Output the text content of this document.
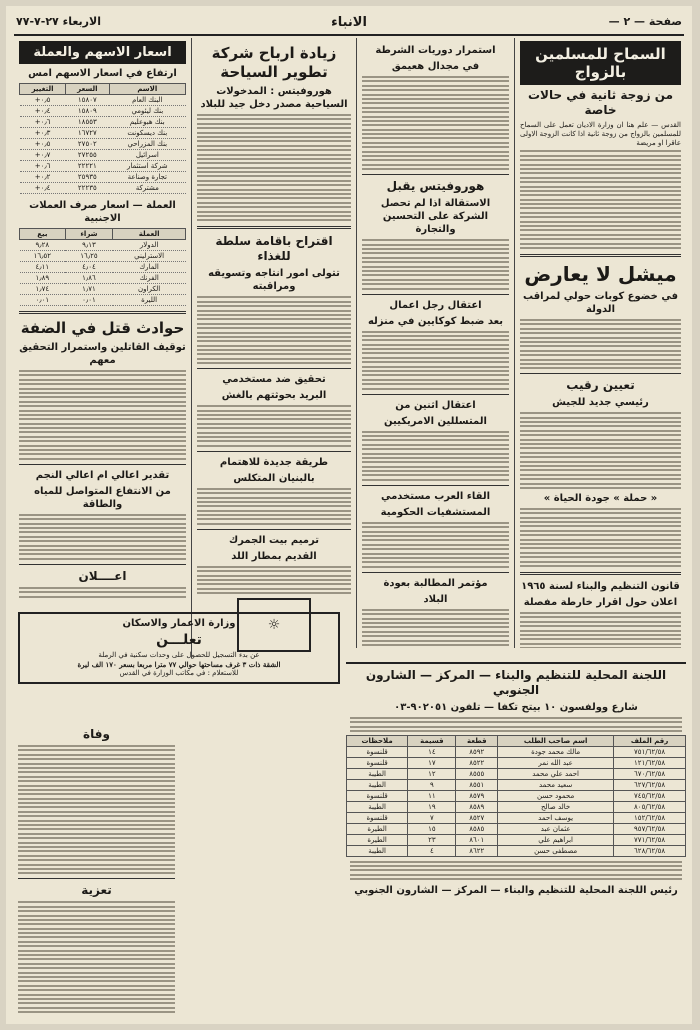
صفحة — ٢ —
الانباء
الاربعاء ٢٧-٧-٧٧
السماح للمسلمين بالزواج
من زوجة ثانية في حالات خاصة
القدس — علم هنا ان وزارة الاديان تعمل على السماح للمسلمين بالزواج من زوجة ثانية اذا كانت الزوجة الاولى عاقرا او مريضة
ميشل لا يعارض
في خضوع كوبات حولي لمراقب الدولة
تعيين رقيب
رئيسي جديد للجيش
« حملة » جودة الحياة »
قانون التنظيم والبناء لسنة ١٩٦٥
اعلان حول اقرار خارطة مفصلة
استمرار دوريات الشرطة
في مجدال هعيمق
هوروفيتس يقبل
الاستقالة اذا لم تحصل الشركة على التحسين والتجارة
اعتقال رجل اعمال
بعد ضبط كوكايين في منزله
اعتقال اثنين من
المتسللين الامريكيين
القاء العرب مستخدمي
المستشفيات الحكومية
مؤتمر المطالبة بعودة
البلاد
زيادة ارباح شركة تطوير السياحة
هوروفيتس : المدخولات السياحية مصدر دخل جيد للبلاد
اقتراح باقامة سلطة للغذاء
تتولى امور انتاجه وتسويقه ومراقبته
تحقيق ضد مستخدمي
البريد بحوثتهم بالغش
طريقة جديدة للاهتمام
بالبنيان المتكلس
ترميم بيت الجمرك
القديم بمطار اللد
☼
اسعار الاسهم والعملة
ارتفاع في اسعار الاسهم امس
الاسم	السعر	التغيير
البنك العام	١٥٨٠٧	٠٫٥+
بنك ليئومي	١٥٨٠٩	٠٫٤+
بنك هبوعليم	١٨٥٥٣	٠٫٦+
بنك ديسكونت	١٦٧٢٧	٠٫٣+
بنك المزراحي	٢٧٥٠٢	٠٫٥+
اسرائيل	٢٧٢٥٥	٠٫٧+
شركة استثمار	٢٢٢٢١	٠٫٦+
تجارة وصناعة	٢٥٩٣٥	٠٫٢+
مشتركة	٢٢٢٣٥	٠٫٤+
العملة — اسعار صرف العملات الاجنبية
العملة	شراء	بيع
الدولار	٩٫١٣	٩٫٢٨
الاسترليني	١٦٫٢٥	١٦٫٥٢
المارك	٤٫٠٤	٤٫١١
الفرنك	١٫٨٦	١٫٨٩
الكراون	١٫٧١	١٫٧٤
الليرة	٠٫٠١	٠٫٠١
حوادث قتل في الضفة
توقيف القاتلين واستمرار التحقيق معهم
تقدير اعالي ام اعالي النجم
من الانتفاع المتواصل للمياه والطاقة
اعــــلان
وزارة الاعمار والاسكان
تعلـــن
عن بدء التسجيل للحصول على وحدات سكنية في الرملة
الشقة ذات ٣ غرف مساحتها حوالي ٧٧ مترا مربعا بسعر ١٧٠ الف ليرة
للاستعلام : في مكاتب الوزارة في القدس
وفاة
تعزية
اللجنة المحلية للتنظيم والبناء — المركز — الشارون الجنوبي
شارع وولفسون ١٠ بيتح تكفا — تلفون ٩٠٢٠٥١-٠٣
رقم الملف	اسم صاحب الطلب	قطعة	قسيمة	ملاحظات
٧٥١/٦٢/٥٨	مالك محمد جودة	٨٥٩٢	١٤	قلنسوة
١٢١/٦٢/٥٨	عبد الله نمر	٨٥٢٢	١٧	قلنسوة
٦٧٠/٦٢/٥٨	احمد علي محمد	٨٥٥٥	١٢	الطيبة
٦٢٧/٦٢/٥٨	سعيد محمد	٨٥٥١	٩	الطيبة
٧٤٥/٦٢/٥٨	محمود حسن	٨٥٧٩	١١	قلنسوة
٨٠٥/٦٢/٥٨	خالد صالح	٨٥٨٩	١٩	الطيبة
١٥٢/٦٢/٥٨	يوسف احمد	٨٥٢٧	٧	قلنسوة
٩٥٧/٦٢/٥٨	عثمان عبد	٨٥٨٥	١٥	الطيرة
٧٧١/٦٢/٥٨	ابراهيم علي	٨٦٠١	٢٣	الطيرة
٦٢٨/٦٢/٥٨	مصطفى حسن	٨٦٢٢	٤	الطيبة
رئيس اللجنة المحلية للتنظيم والبناء — المركز — الشارون الجنوبي
